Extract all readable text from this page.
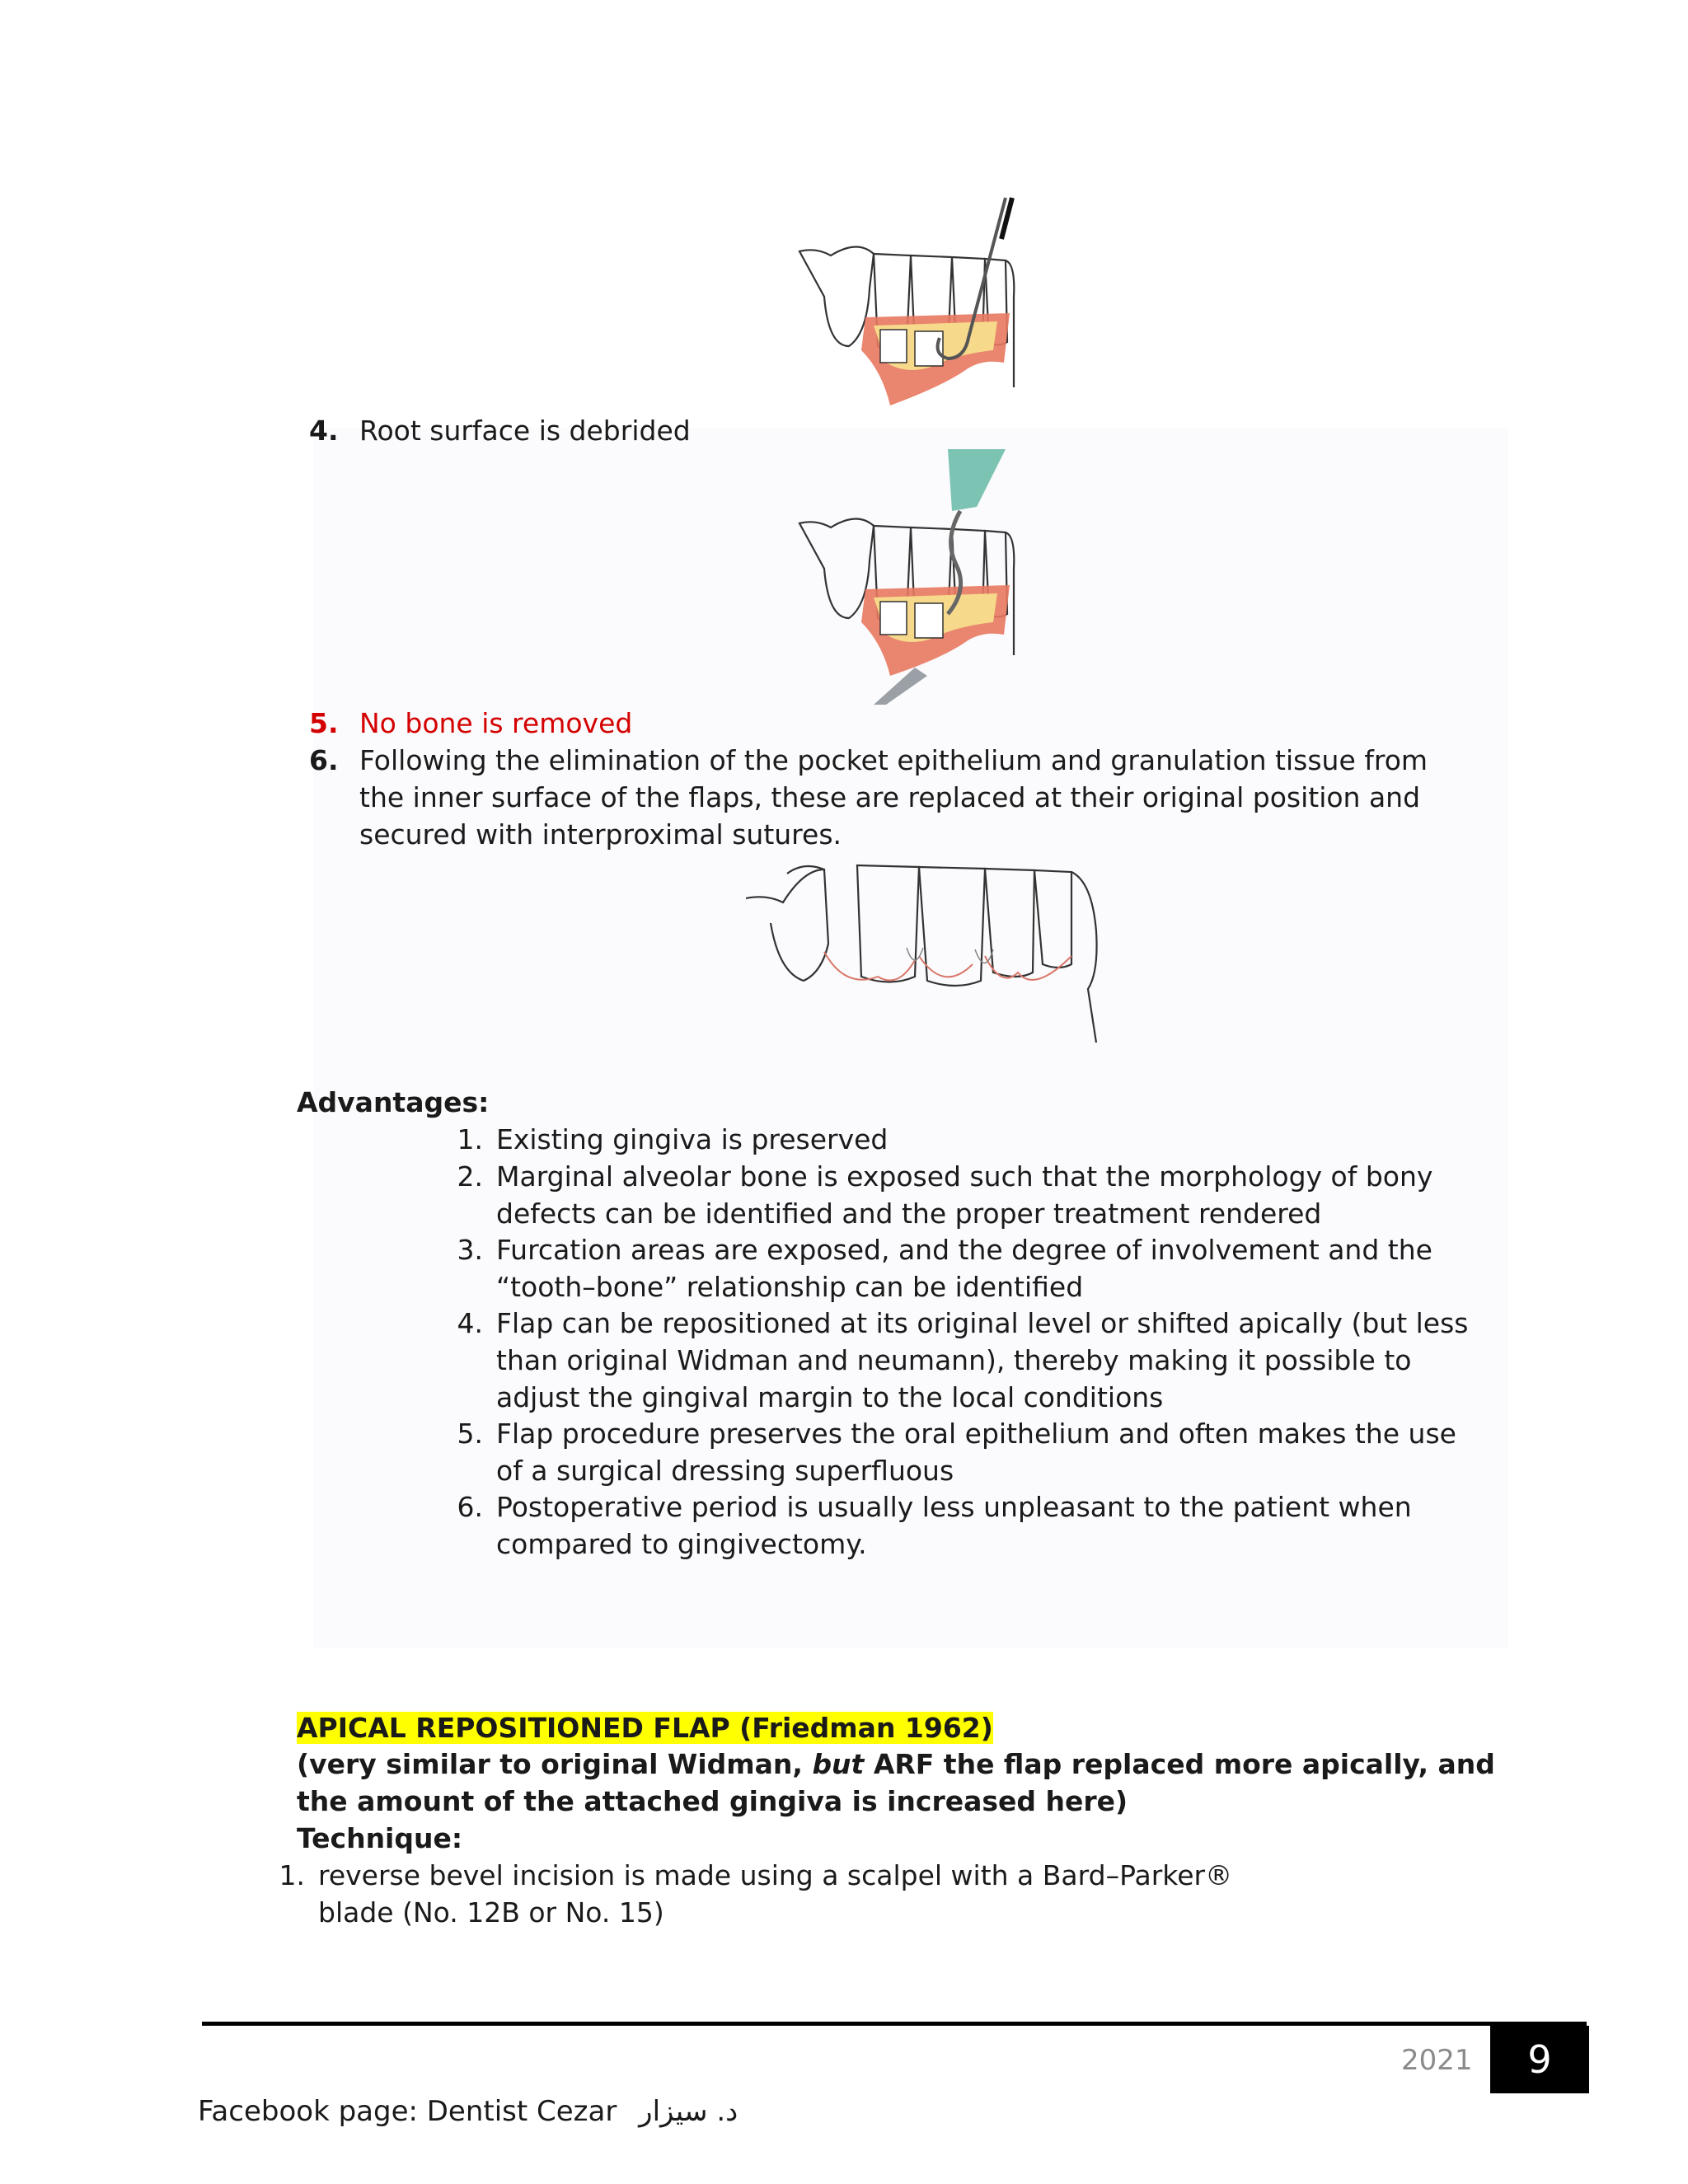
4. Root surface is debrided
5. No bone is removed
6. Following the elimination of the pocket epithelium and granulation tissue from the inner surface of the flaps, these are replaced at their original position and secured with interproximal sutures.
Advantages:
1. Existing gingiva is preserved
2. Marginal alveolar bone is exposed such that the morphology of bony defects can be identified and the proper treatment rendered
3. Furcation areas are exposed, and the degree of involvement and the “tooth–bone” relationship can be identified
4. Flap can be repositioned at its original level or shifted apically (but less than original Widman and neumann), thereby making it possible to adjust the gingival margin to the local conditions
5. Flap procedure preserves the oral epithelium and often makes the use of a surgical dressing superfluous
6. Postoperative period is usually less unpleasant to the patient when compared to gingivectomy.
APICAL REPOSITIONED FLAP (Friedman 1962)
(very similar to original Widman, but ARF the flap replaced more apically, and the amount of the attached gingiva is increased here)
Technique:
1. reverse bevel incision is made using a scalpel with a Bard–Parker® blade (No. 12B or No. 15)
2021	9
Facebook page: Dentist Cezar د. سيزار
